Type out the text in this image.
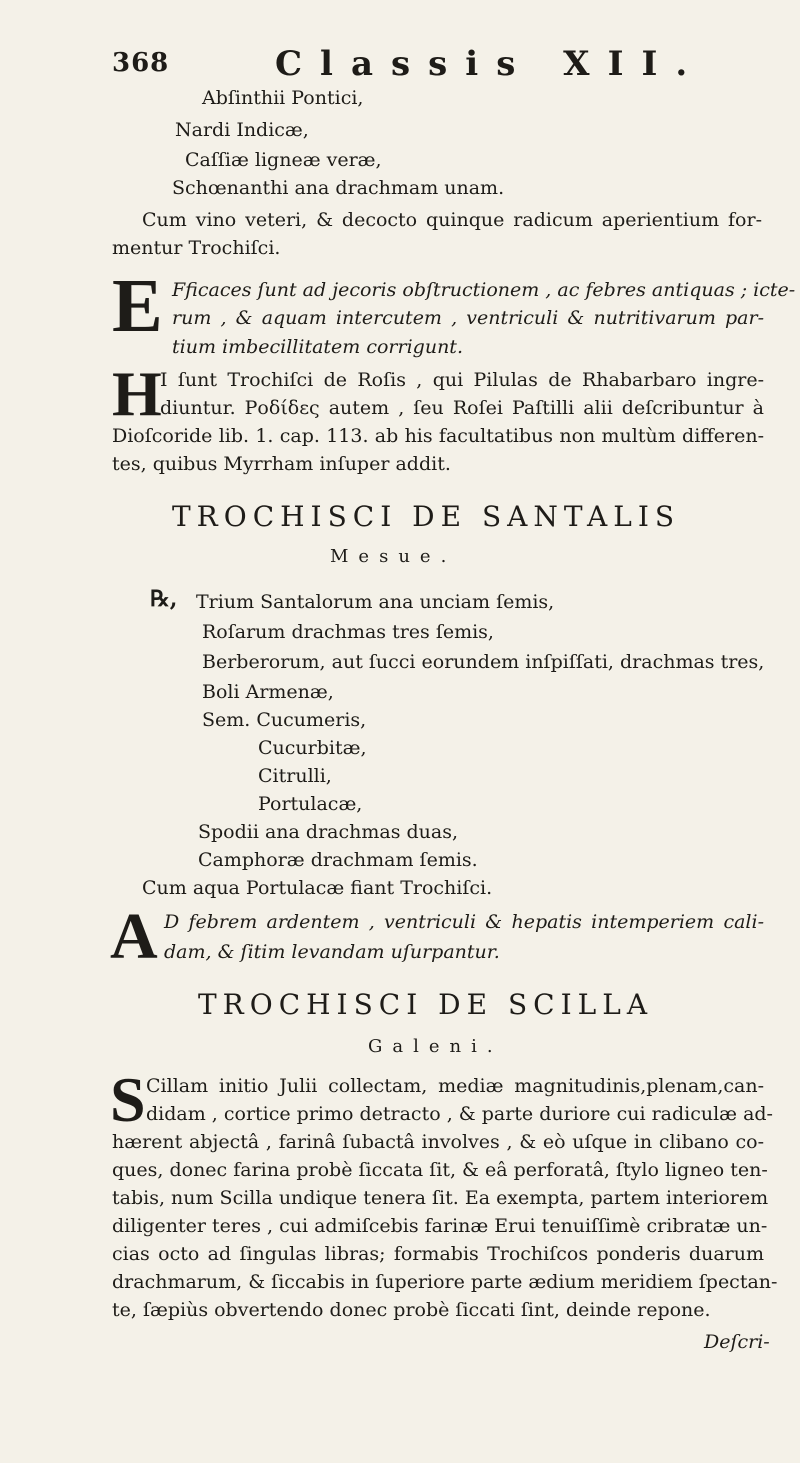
368	Classis XII.
Abſinthii Pontici,
Nardi Indicæ,
Caſſiæ ligneæ veræ,
Schœnanthi ana drachmam unam.
Cum vino veteri, & decocto quinque radicum aperientium for-
mentur Trochiſci.
E Fficaces ſunt ad jecoris obſtructionem , ac febres antiquas ; icte-
rum , & aquam intercutem , ventriculi & nutritivarum par-
tium imbecillitatem corrigunt.
H
I ſunt Trochiſci de Roſis , qui Pilulas de Rhabarbaro ingre-
diuntur. Ροδίδες autem , ſeu Roſei Paſtilli alii deſcribuntur à
Dioſcoride lib. 1. cap. 113. ab his facultatibus non multùm differen-
tes, quibus Myrrham inſuper addit.
TROCHISCI DE SANTALIS
Mesue.
℞, Trium Santalorum ana unciam ſemis,
Roſarum drachmas tres ſemis,
Berberorum, aut ſucci eorundem inſpiſſati, drachmas tres,
Boli Armenæ,
Sem. Cucumeris,
Cucurbitæ,
Citrulli,
Portulacæ,
Spodii ana drachmas duas,
Camphoræ drachmam ſemis.
Cum aqua Portulacæ fiant Trochiſci.
A D febrem ardentem , ventriculi & hepatis intemperiem cali-
dam, & ſitim levandam uſurpantur.
TROCHISCI DE SCILLA
Galeni.
S Cillam initio Julii collectam, mediæ magnitudinis,plenam,can-
didam , cortice primo detracto , & parte duriore cui radiculæ ad-
hærent abjectâ , farinâ ſubactâ involves , & eò uſque in clibano co-
ques, donec farina probè ſiccata ſit, & eâ perforatâ, ſtylo ligneo ten-
tabis, num Scilla undique tenera ſit. Ea exempta, partem interiorem
diligenter teres , cui admiſcebis farinæ Erui tenuiſſimè cribratæ un-
cias octo ad ſingulas libras; formabis Trochiſcos ponderis duarum
drachmarum, & ſiccabis in ſuperiore parte ædium meridiem ſpectan-
te, ſæpiùs obvertendo donec probè ſiccati ſint, deinde repone.
Deſcri-
